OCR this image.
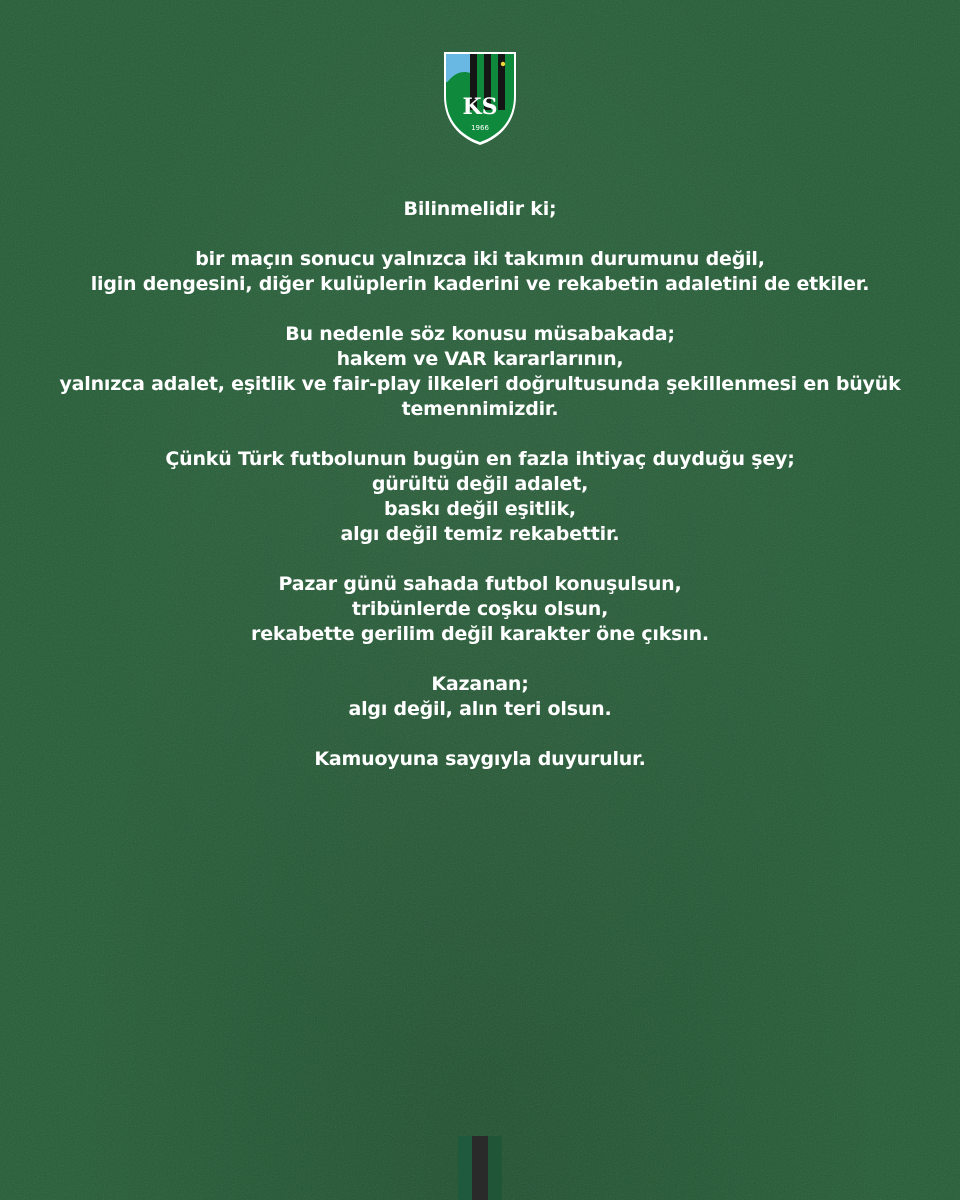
KS
1966
Bilinmelidir ki;
bir maçın sonucu yalnızca iki takımın durumunu değil,
ligin dengesini, diğer kulüplerin kaderini ve rekabetin adaletini de etkiler.
Bu nedenle söz konusu müsabakada;
hakem ve VAR kararlarının,
yalnızca adalet, eşitlik ve fair-play ilkeleri doğrultusunda şekillenmesi en büyük
temennimizdir.
Çünkü Türk futbolunun bugün en fazla ihtiyaç duyduğu şey;
gürültü değil adalet,
baskı değil eşitlik,
algı değil temiz rekabettir.
Pazar günü sahada futbol konuşulsun,
tribünlerde coşku olsun,
rekabette gerilim değil karakter öne çıksın.
Kazanan;
algı değil, alın teri olsun.
Kamuoyuna saygıyla duyurulur.
